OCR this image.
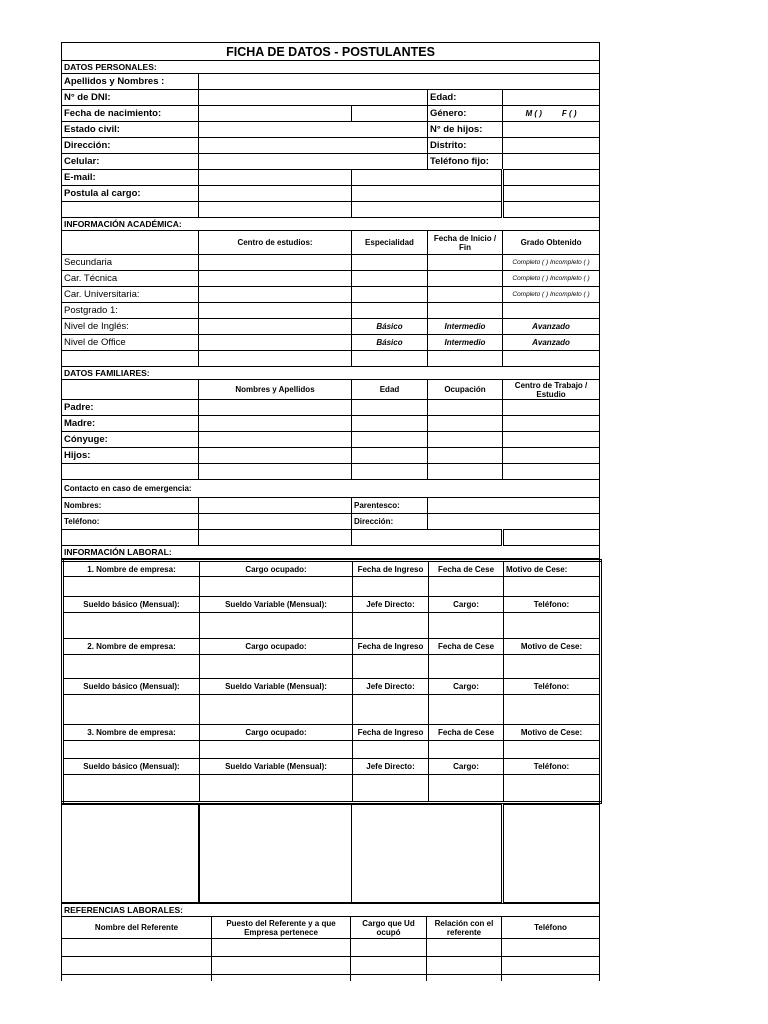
FICHA DE DATOS - POSTULANTES				
DATOS PERSONALES:				
Apellidos y Nombres :				
N° de DNI:			Edad:	
Fecha de nacimiento:			Género:	M ( ) F ( )
Estado civil:			N° de hijos:	
Dirección:			Distrito:	
Celular:			Teléfono fijo:	
E-mail:				
Postula al cargo:				

INFORMACIÓN ACADÉMICA:				
	Centro de estudios:	Especialidad	Fecha de Inicio / Fin	Grado Obtenido
Secundaria				Completo ( ) Incompleto ( )
Car. Técnica				Completo ( ) Incompleto ( )
Car. Universitaria:				Completo ( ) Incompleto ( )
Postgrado 1:				
Nivel de Inglés:		Básico	Intermedio	Avanzado
Nivel de Office		Básico	Intermedio	Avanzado

DATOS FAMILIARES:				
	Nombres y Apellidos	Edad	Ocupación	Centro de Trabajo / Estudio
Padre:				
Madre:				
Cónyuge:				
Hijos:				

Contacto en caso de emergencia:				
Nombres:		Parentesco:		
Teléfono:		Dirección:		

INFORMACIÓN LABORAL:				
1. Nombre de empresa:	Cargo ocupado:	Fecha de Ingreso	Fecha de Cese	Motivo de Cese:

Sueldo básico (Mensual):	Sueldo Variable (Mensual):	Jefe Directo:	Cargo:	Teléfono:

2. Nombre de empresa:	Cargo ocupado:	Fecha de Ingreso	Fecha de Cese	Motivo de Cese:

Sueldo básico (Mensual):	Sueldo Variable (Mensual):	Jefe Directo:	Cargo:	Teléfono:

3. Nombre de empresa:	Cargo ocupado:	Fecha de Ingreso	Fecha de Cese	Motivo de Cese:

Sueldo básico (Mensual):	Sueldo Variable (Mensual):	Jefe Directo:	Cargo:	Teléfono:

REFERENCIAS LABORALES:				
Nombre del Referente	Puesto del Referente y a que Empresa pertenece	Cargo que Ud ocupó	Relación con el referente	Teléfono
